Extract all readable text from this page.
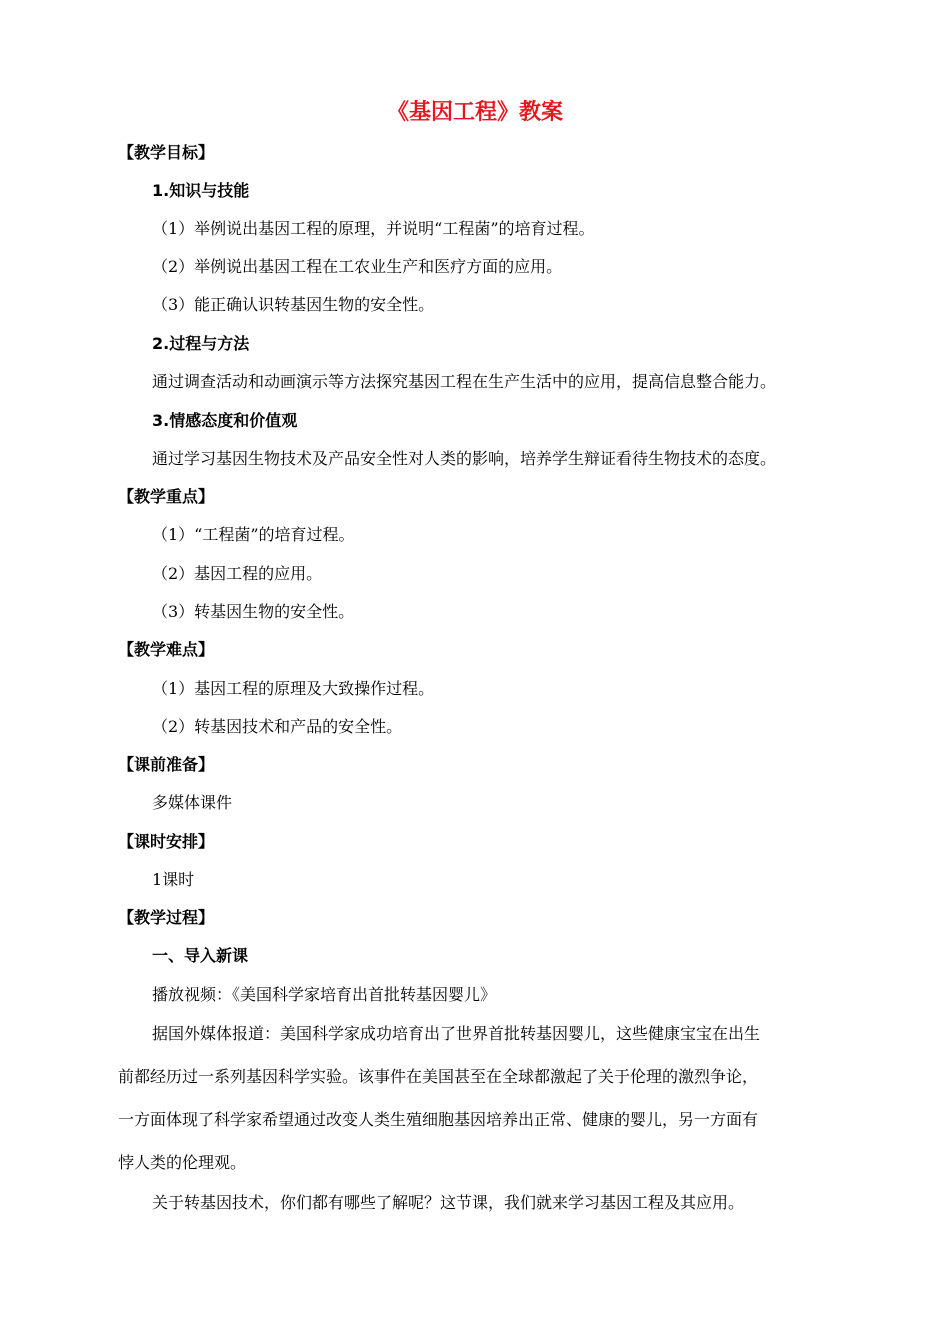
《基因工程》教案
【教学目标】
1.知识与技能
（1）举例说出基因工程的原理，并说明“工程菌”的培育过程。
（2）举例说出基因工程在工农业生产和医疗方面的应用。
（3）能正确认识转基因生物的安全性。
2.过程与方法
通过调查活动和动画演示等方法探究基因工程在生产生活中的应用，提高信息整合能力。
3.情感态度和价值观
通过学习基因生物技术及产品安全性对人类的影响，培养学生辩证看待生物技术的态度。
【教学重点】
（1）“工程菌”的培育过程。
（2）基因工程的应用。
（3）转基因生物的安全性。
【教学难点】
（1）基因工程的原理及大致操作过程。
（2）转基因技术和产品的安全性。
【课前准备】
多媒体课件
【课时安排】
1课时
【教学过程】
一、导入新课
播放视频：《美国科学家培育出首批转基因婴儿》
据国外媒体报道：美国科学家成功培育出了世界首批转基因婴儿，这些健康宝宝在出生
前都经历过一系列基因科学实验。该事件在美国甚至在全球都激起了关于伦理的激烈争论，
一方面体现了科学家希望通过改变人类生殖细胞基因培养出正常、健康的婴儿，另一方面有
悖人类的伦理观。
关于转基因技术，你们都有哪些了解呢？这节课，我们就来学习基因工程及其应用。
